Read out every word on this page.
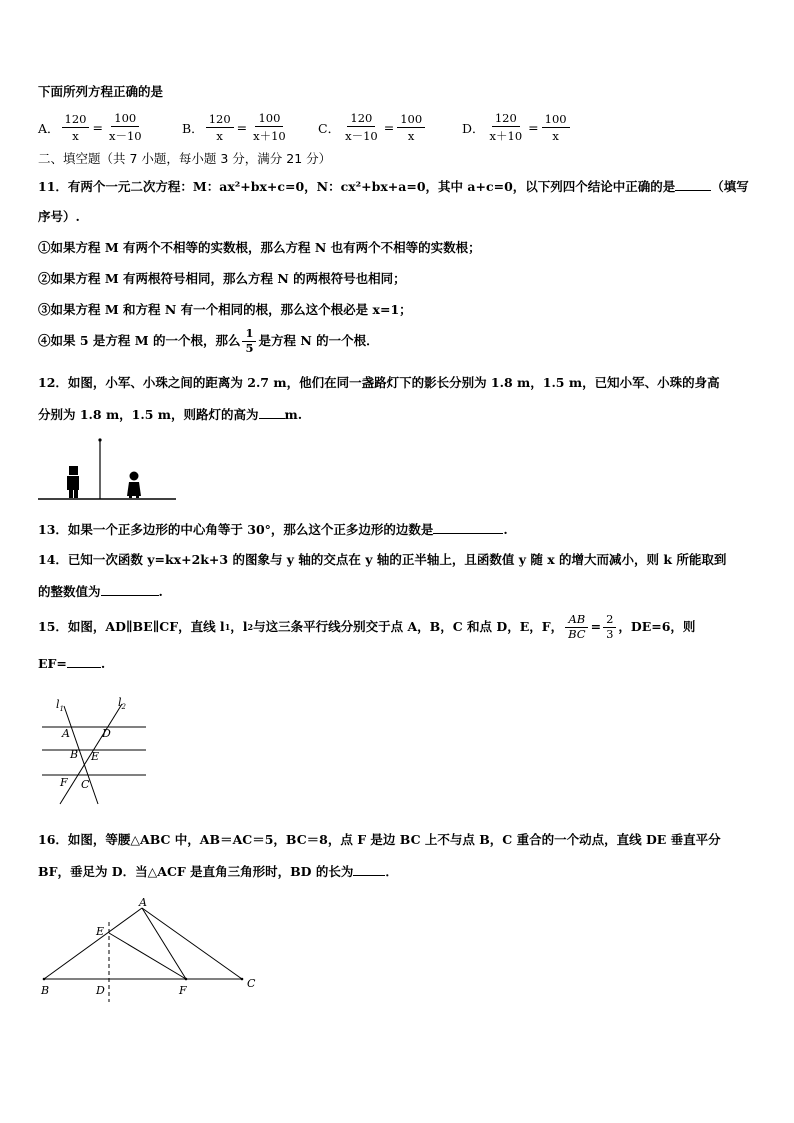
下面所列方程正确的是
A． $\frac{120}{x} = \frac{100}{x-10}$	B． $\frac{120}{x} = \frac{100}{x+10}$ C． $\frac{120}{x-10} = \frac{100}{x}$	D． $\frac{120}{x+10} = \frac{100}{x}$
二、填空题（共 7 小题，每小题 3 分，满分 21 分）
11．有两个一元二次方程：M：ax²+bx+c=0，N：cx²+bx+a=0，其中 a+c=0，以下列四个结论中正确的是	（填写
序号）.
①如果方程 M 有两个不相等的实数根，那么方程 N 也有两个不相等的实数根；
②如果方程 M 有两根符号相同，那么方程 N 的两根符号也相同；
③如果方程 M 和方程 N 有一个相同的根，那么这个根必是 x=1；
④如果 5 是方程 M 的一个根，那么 $\frac{1}{5}$ 是方程 N 的一个根．
12．如图，小军、小珠之间的距离为 2.7 m，他们在同一盏路灯下的影长分别为 1.8 m，1.5 m，已知小军、小珠的身高
分别为 1.8 m，1.5 m，则路灯的高为 m.
13．如果一个正多边形的中心角等于 30°，那么这个正多边形的边数是	.
14．已知一次函数 y=kx+2k+3 的图象与 y 轴的交点在 y 轴的正半轴上，且函数值 y 随 x 的增大而减小，则 k 所能取到
的整数值为	.
15．如图，AD∥BE∥CF，直线 l 1 ，l 2 与这三条平行线分别交于点 A，B，C 和点 D，E，F， $\frac{AB}{BC} = \frac{2}{3}$ ，DE=6，则
EF=	.
$l_1$	$l_2$
A	D
B E
F C
16．如图，等腰△ABC 中，AB＝AC＝5，BC＝8，点 F 是边 BC 上不与点 B，C 重合的一个动点，直线 DE 垂直平分
BF，垂足为 D．当△ACF 是直角三角形时，BD 的长为	．
A
E
B	D	F
C
